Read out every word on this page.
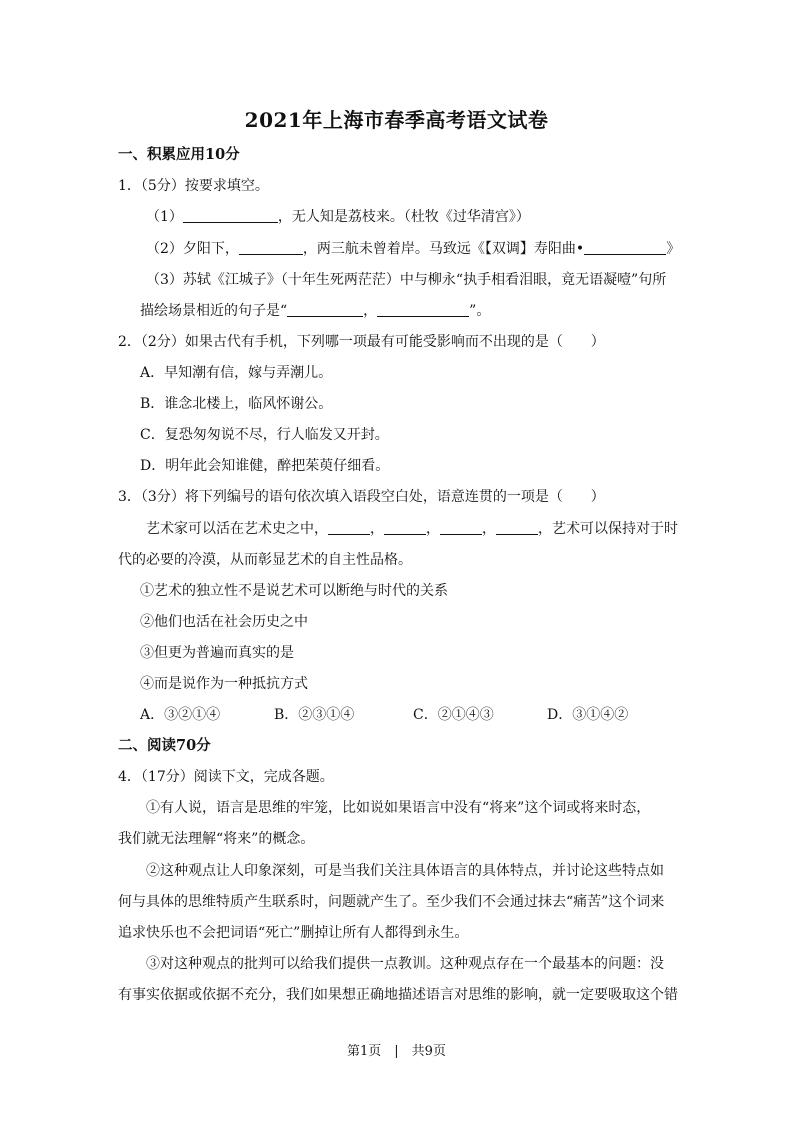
2021年上海市春季高考语文试卷
一、积累应用10分
1．（5分）按要求填空。
（1）	，无人知是荔枝来。（杜牧《过华清宫》）
（2）夕阳下，	，两三航未曾着岸。马致远《【双调】寿阳曲•	》
（3）苏轼《江城子》（十年生死两茫茫）中与柳永“执手相看泪眼，竟无语凝噎”句所
描绘场景相近的句子是“	，	”。
2．（2分）如果古代有手机，下列哪一项最有可能受影响而不出现的是（　　）
A．早知潮有信，嫁与弄潮儿。
B．谁念北楼上，临风怀谢公。
C．复恐匆匆说不尽，行人临发又开封。
D．明年此会知谁健，醉把茱萸仔细看。
3．（3分）将下列编号的语句依次填入语段空白处，语意连贯的一项是（　　）
艺术家可以活在艺术史之中，	，	，	，	，艺术可以保持对于时
代的必要的冷漠，从而彰显艺术的自主性品格。
①艺术的独立性不是说艺术可以断绝与时代的关系
②他们也活在社会历史之中
③但更为普遍而真实的是
④而是说作为一种抵抗方式
A．③②①④	B．②③①④	C．②①④③	D．③①④②
二、阅读70分
4．（17分）阅读下文，完成各题。
①有人说，语言是思维的牢笼，比如说如果语言中没有“将来”这个词或将来时态，
我们就无法理解“将来”的概念。
②这种观点让人印象深刻，可是当我们关注具体语言的具体特点，并讨论这些特点如
何与具体的思维特质产生联系时，问题就产生了。至少我们不会通过抹去“痛苦”这个词来
追求快乐也不会把词语“死亡”删掉让所有人都得到永生。
③对这种观点的批判可以给我们提供一点教训。这种观点存在一个最基本的问题：没
有事实依据或依据不充分，我们如果想正确地描述语言对思维的影响，就一定要吸取这个错
第1页　|　共9页
